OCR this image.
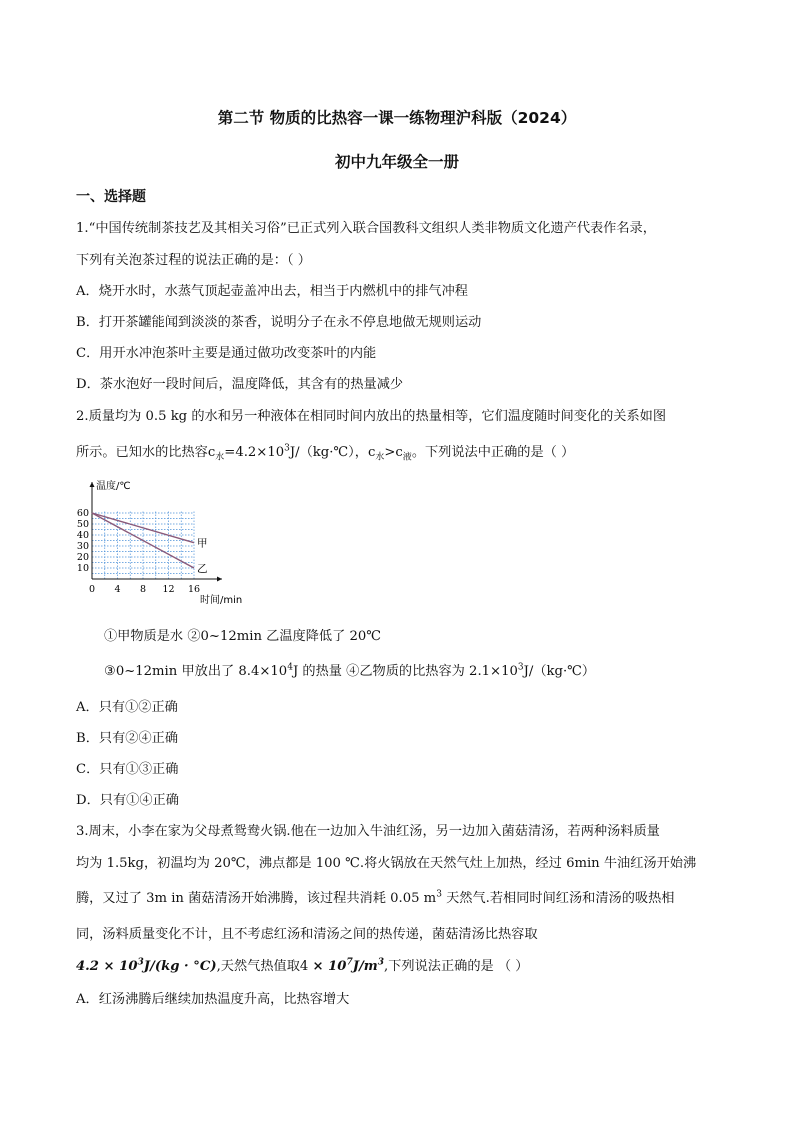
第二节 物质的比热容一课一练物理沪科版（2024）
初中九年级全一册
一、选择题
1.“中国传统制茶技艺及其相关习俗”已正式列入联合国教科文组织人类非物质文化遗产代表作名录，
下列有关泡茶过程的说法正确的是：（ ）
A．烧开水时，水蒸气顶起壶盖冲出去，相当于内燃机中的排气冲程
B．打开茶罐能闻到淡淡的茶香，说明分子在永不停息地做无规则运动
C．用开水冲泡茶叶主要是通过做功改变茶叶的内能
D．茶水泡好一段时间后，温度降低，其含有的热量减少
2.质量均为 0.5 kg 的水和另一种液体在相同时间内放出的热量相等，它们温度随时间变化的关系如图
所示。已知水的比热容$c_水=4.2\times 10^3J/(kg\cdot℃)$，$c_水>c_液$。下列说法中正确的是（ ）
0 4 8 12 16
10
20
30
40
50
60
温度/℃
时间/min
甲
乙
①甲物质是水 ②0~12min 乙温度降低了 20℃
③0~12min 甲放出了 $8.4\times 10^4J$ 的热量 ④乙物质的比热容为 $2.1\times 10^3J/(kg\cdot℃)$
A．只有①②正确
B．只有②④正确
C．只有①③正确
D．只有①④正确
3.周末，小李在家为父母煮鸳鸯火锅.他在一边加入牛油红汤，另一边加入菌菇清汤，若两种汤料质量
均为 1.5kg，初温均为 20℃，沸点都是 100 ℃.将火锅放在天然气灶上加热，经过 6min 牛油红汤开始沸
腾，又过了 3m in 菌菇清汤开始沸腾，该过程共消耗 0.05 $m^3$ 天然气.若相同时间红汤和清汤的吸热相
同，汤料质量变化不计，且不考虑红汤和清汤之间的热传递，菌菇清汤比热容取
$4.2 \times 10^3J/(kg \cdot ^\circ C)$,天然气热值取$4 \times 10^7J/m^3$,下列说法正确的是 （ ）
A．红汤沸腾后继续加热温度升高，比热容增大
